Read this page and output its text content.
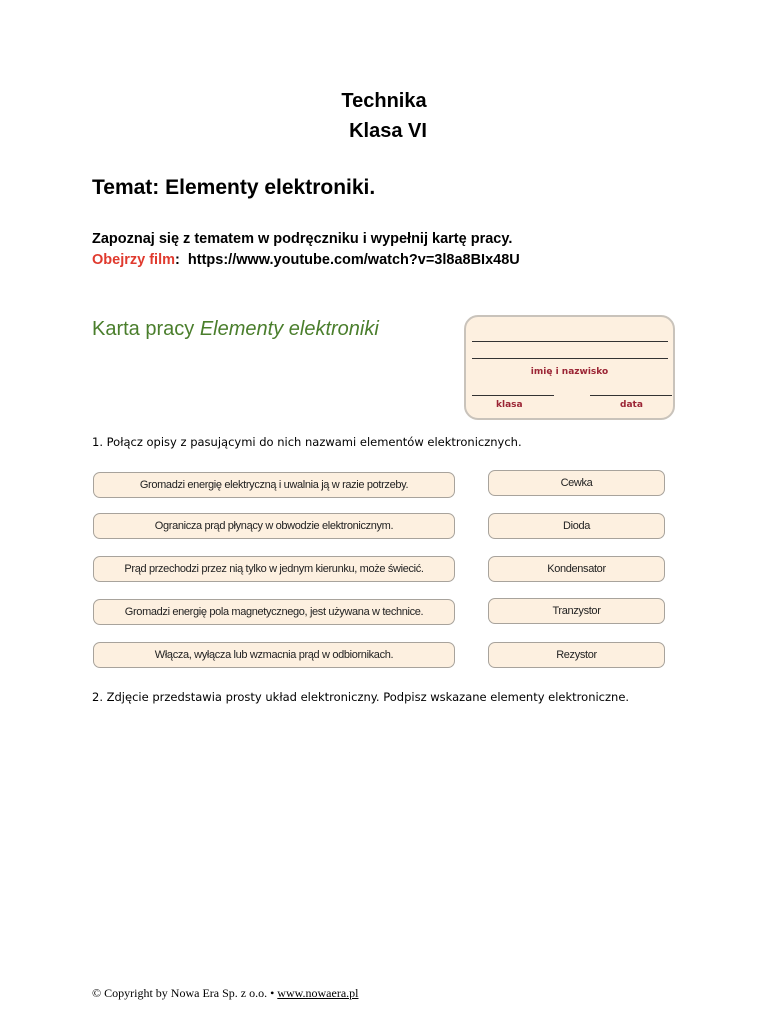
Technika
Klasa VI
Temat: Elementy elektroniki.
Zapoznaj się z tematem w podręczniku i wypełnij kartę pracy.
Obejrzy film: https://www.youtube.com/watch?v=3l8a8BIx48U
Karta pracy Elementy elektroniki
imię i nazwisko
klasa	data
1. Połącz opisy z pasującymi do nich nazwami elementów elektronicznych.
Gromadzi energię elektryczną i uwalnia ją w razie potrzeby.
Ogranicza prąd płynący w obwodzie elektronicznym.
Prąd przechodzi przez nią tylko w jednym kierunku, może świecić.
Gromadzi energię pola magnetycznego, jest używana w technice.
Włącza, wyłącza lub wzmacnia prąd w odbiornikach.
Cewka
Dioda
Kondensator
Tranzystor
Rezystor
2. Zdjęcie przedstawia prosty układ elektroniczny. Podpisz wskazane elementy elektroniczne.
© Copyright by Nowa Era Sp. z o.o. • www.nowaera.pl
